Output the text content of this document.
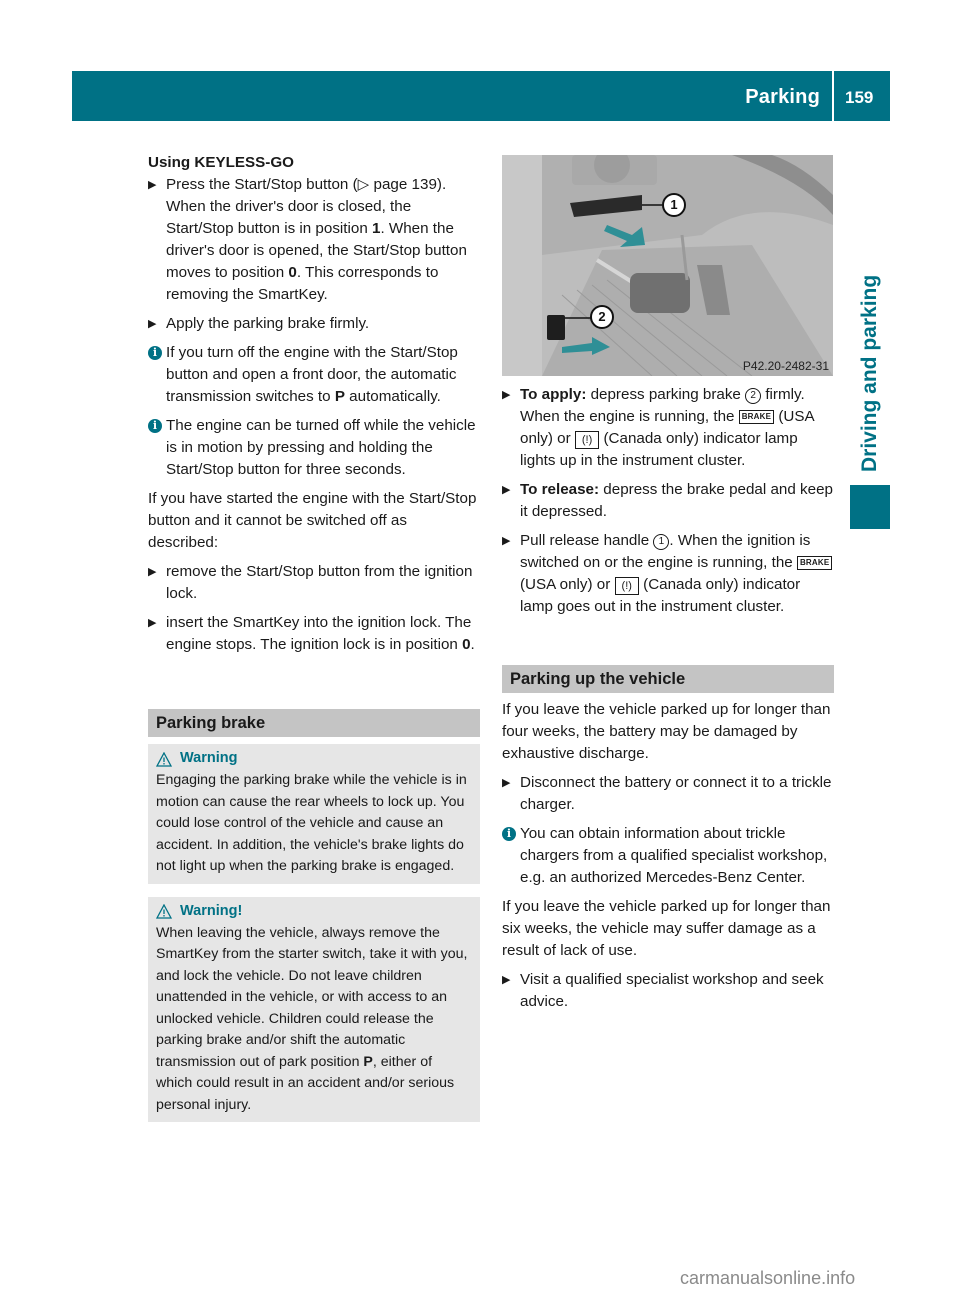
Parking 159
Driving and parking
Using KEYLESS-GO
▶ Press the Start/Stop button (▷ page 139). When the driver's door is closed, the Start/Stop button is in position 1. When the driver's door is opened, the Start/Stop button moves to position 0. This corresponds to removing the SmartKey.
▶ Apply the parking brake firmly.
i If you turn off the engine with the Start/Stop button and open a front door, the automatic transmission switches to P automatically.
i The engine can be turned off while the vehicle is in motion by pressing and holding the Start/Stop button for three seconds.
If you have started the engine with the Start/Stop button and it cannot be switched off as described:
▶ remove the Start/Stop button from the ignition lock.
▶ insert the SmartKey into the ignition lock. The engine stops. The ignition lock is in position 0.
Parking brake
Warning
Engaging the parking brake while the vehicle is in motion can cause the rear wheels to lock up. You could lose control of the vehicle and cause an accident. In addition, the vehicle's brake lights do not light up when the parking brake is engaged.
Warning!
When leaving the vehicle, always remove the SmartKey from the starter switch, take it with you, and lock the vehicle. Do not leave children unattended in the vehicle, or with access to an unlocked vehicle. Children could release the parking brake and/or shift the automatic transmission out of park position P, either of which could result in an accident and/or serious personal injury.
1
2
P42.20-2482-31
▶ To apply: depress parking brake 2 firmly. When the engine is running, the BRAKE (USA only) or (!) (Canada only) indicator lamp lights up in the instrument cluster.
▶ To release: depress the brake pedal and keep it depressed.
▶ Pull release handle 1 . When the ignition is switched on or the engine is running, the BRAKE (USA only) or (!) (Canada only) indicator lamp goes out in the instrument cluster.
Parking up the vehicle
If you leave the vehicle parked up for longer than four weeks, the battery may be damaged by exhaustive discharge.
▶ Disconnect the battery or connect it to a trickle charger.
i You can obtain information about trickle chargers from a qualified specialist workshop, e.g. an authorized Mercedes-Benz Center.
If you leave the vehicle parked up for longer than six weeks, the vehicle may suffer damage as a result of lack of use.
▶ Visit a qualified specialist workshop and seek advice.
carmanualsonline.info
